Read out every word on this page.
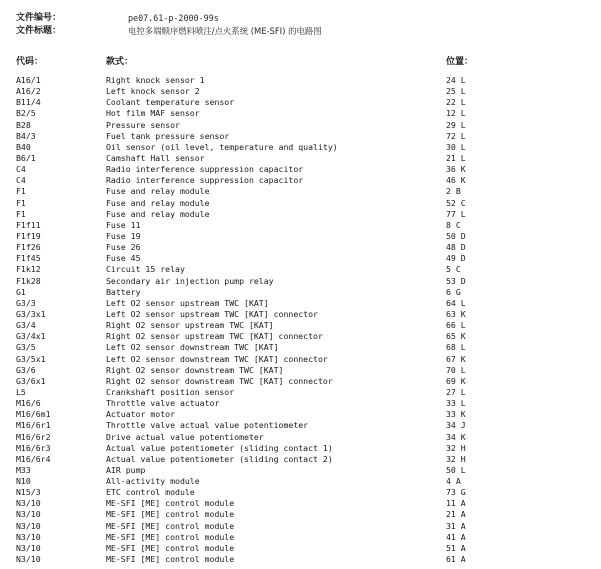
文件编号：	pe07.61-p-2000-99s
文件标题：	电控多端顺序燃料喷注/点火系统 (ME-SFI) 的电路图
代码：	款式：	位置：
A16/1	Right knock sensor 1	24 L
A16/2	Left knock sensor 2	25 L
B11/4	Coolant temperature sensor	22 L
B2/5	Hot film MAF sensor	12 L
B28	Pressure sensor	29 L
B4/3	Fuel tank pressure sensor	72 L
B40	Oil sensor (oil level, temperature and quality)	30 L
B6/1	Camshaft Hall sensor	21 L
C4	Radio interference suppression capacitor	36 K
C4	Radio interference suppression capacitor	46 K
F1	Fuse and relay module	2 B
F1	Fuse and relay module	52 C
F1	Fuse and relay module	77 L
F1f11	Fuse 11	8 C
F1f19	Fuse 19	50 D
F1f26	Fuse 26	48 D
F1f45	Fuse 45	49 D
F1k12	Circuit 15 relay	5 C
F1k28	Secondary air injection pump relay	53 D
G1	Battery	6 G
G3/3	Left O2 sensor upstream TWC [KAT]	64 L
G3/3x1	Left O2 sensor upstream TWC [KAT] connector	63 K
G3/4	Right O2 sensor upstream TWC [KAT]	66 L
G3/4x1	Right O2 sensor upstream TWC [KAT] connector	65 K
G3/5	Left O2 sensor downstream TWC [KAT]	68 L
G3/5x1	Left O2 sensor downstream TWC [KAT] connector	67 K
G3/6	Right O2 sensor downstream TWC [KAT]	70 L
G3/6x1	Right O2 sensor downstream TWC [KAT] connector	69 K
L5	Crankshaft position sensor	27 L
M16/6	Throttle valve actuator	33 L
M16/6m1	Actuator motor	33 K
M16/6r1	Throttle valve actual value potentiometer	34 J
M16/6r2	Drive actual value potentiometer	34 K
M16/6r3	Actual value potentiometer (sliding contact 1)	32 H
M16/6r4	Actual value potentiometer (sliding contact 2)	32 H
M33	AIR pump	50 L
N10	All-activity module	4 A
N15/3	ETC control module	73 G
N3/10	ME-SFI [ME] control module	11 A
N3/10	ME-SFI [ME] control module	21 A
N3/10	ME-SFI [ME] control module	31 A
N3/10	ME-SFI [ME] control module	41 A
N3/10	ME-SFI [ME] control module	51 A
N3/10	ME-SFI [ME] control module	61 A
